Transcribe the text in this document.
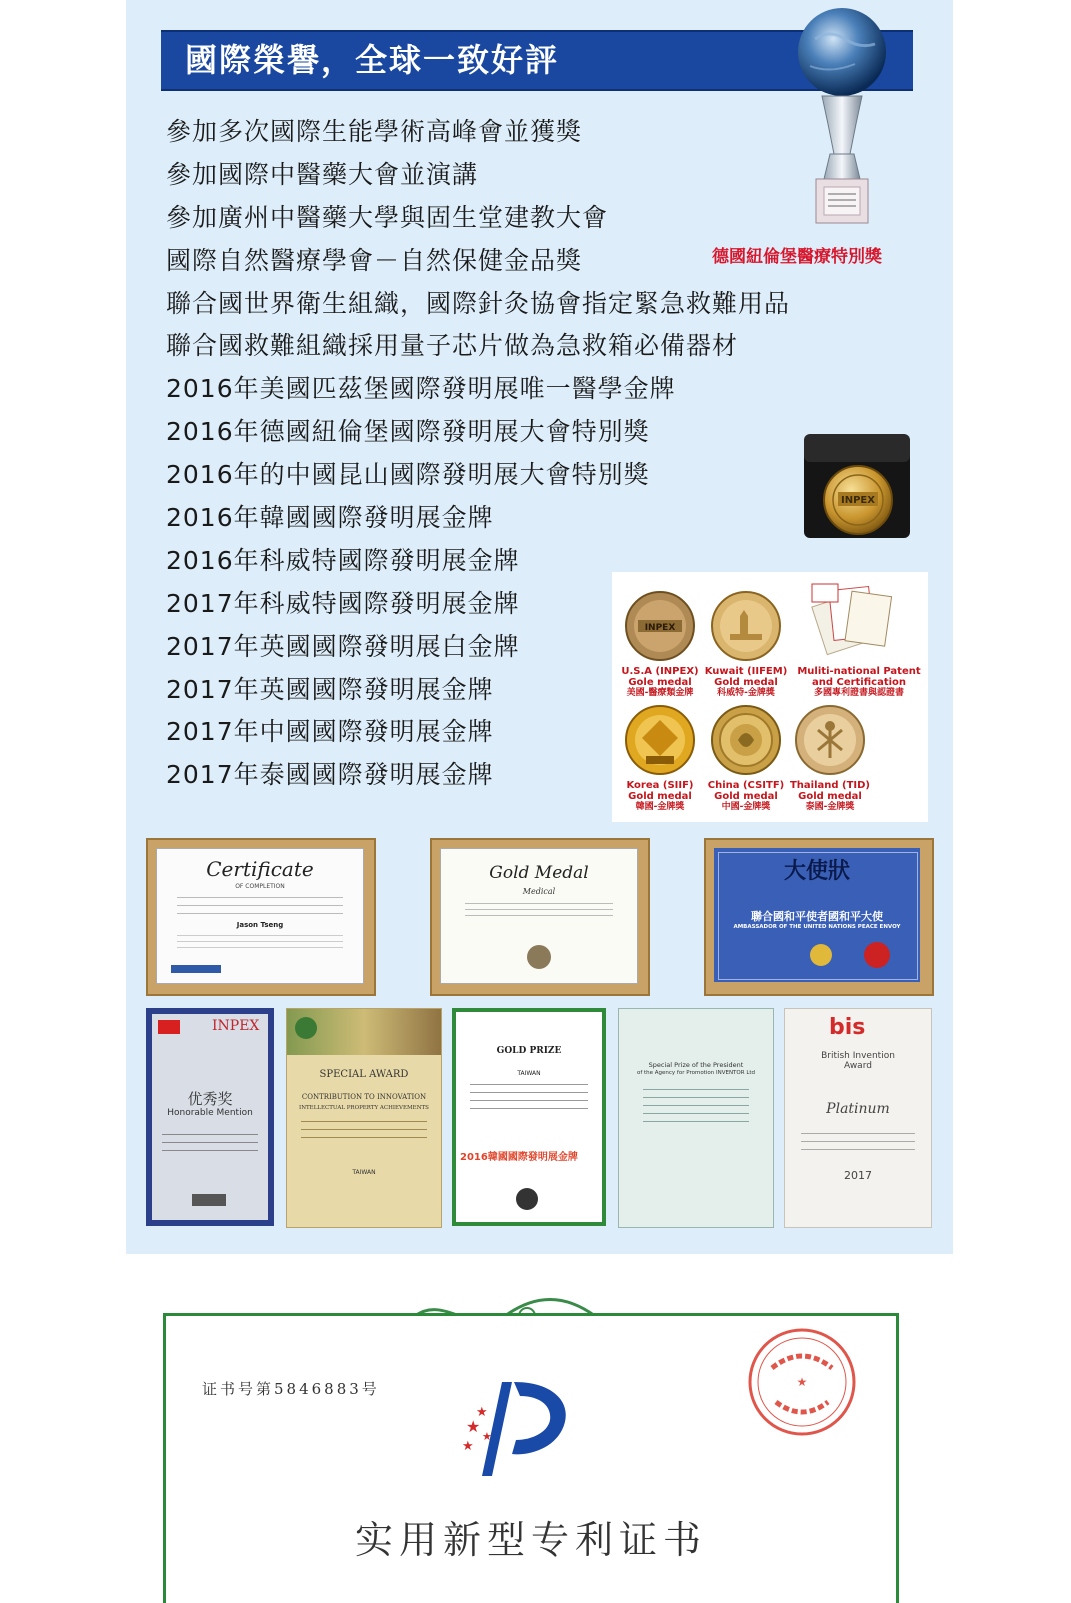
國際榮譽，全球一致好評
德國紐倫堡醫療特別獎
參加多次國際生能學術高峰會並獲獎
參加國際中醫藥大會並演講
參加廣州中醫藥大學與固生堂建教大會
國際自然醫療學會－自然保健金品獎
聯合國世界衛生組織，國際針灸協會指定緊急救難用品
聯合國救難組織採用量子芯片做為急救箱必備器材
2016年美國匹茲堡國際發明展唯一醫學金牌
2016年德國紐倫堡國際發明展大會特別獎
2016年的中國昆山國際發明展大會特別獎
2016年韓國國際發明展金牌
2016年科威特國際發明展金牌
2017年科威特國際發明展金牌
2017年英國國際發明展白金牌
2017年英國國際發明展金牌
2017年中國國際發明展金牌
2017年泰國國際發明展金牌
INPEX
INPEX
U.S.A (INPEX)
Gole medal
美國-醫療類金牌
Kuwait (IIFEM)
Gold medal
科威特-金牌獎
Muliti-national Patent
and Certification
多國專利證書與認證書
Korea (SIIF)
Gold medal
韓國-金牌獎
China (CSITF)
Gold medal
中國-金牌獎
Thailand (TID)
Gold medal
泰國-金牌獎
Certificate
OF COMPLETION
Jason Tseng
Gold Medal
Medical
大使狀
聯合國和平使者國和平大使
AMBASSADOR OF THE UNITED NATIONS PEACE ENVOY
INPEX
优秀奖
Honorable Mention
SPECIAL AWARD
CONTRIBUTION TO INNOVATION
INTELLECTUAL PROPERTY ACHIEVEMENTS
TAIWAN
GOLD PRIZE
TAIWAN
2016韓國國際發明展金牌
Special Prize of the President
of the Agency for Promotion INVENTOR Ltd
bis
British Invention Award
Platinum
2017
证书号第5846883号
★
★
★
★
★
实用新型专利证书
